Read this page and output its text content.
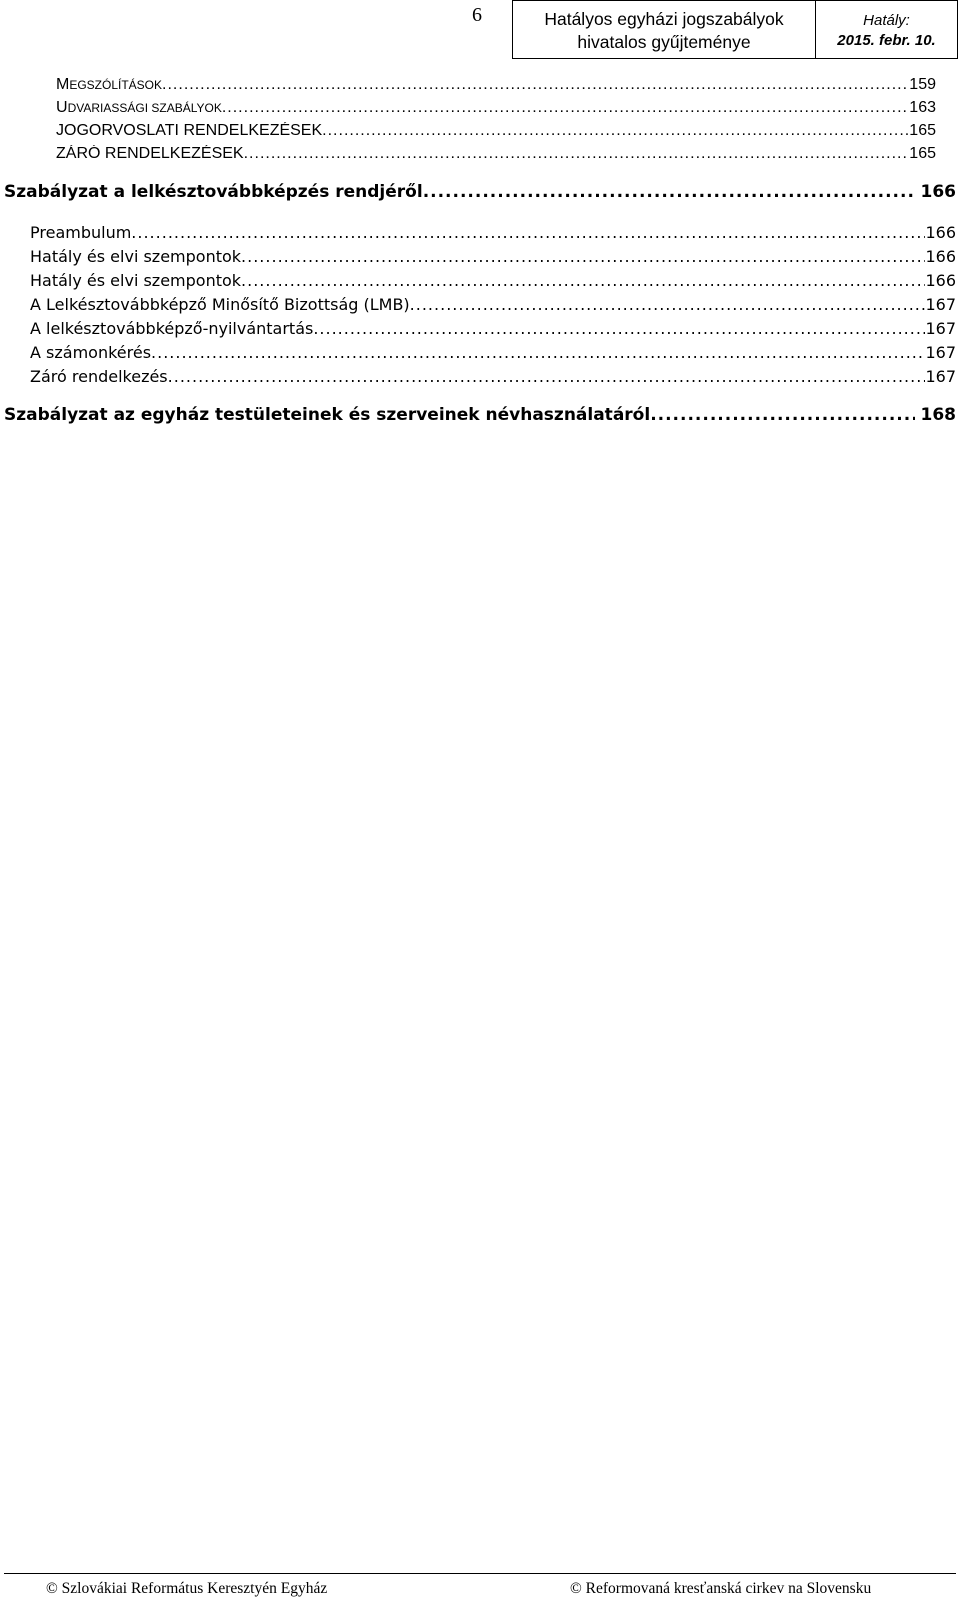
6	Hatályos egyházi jogszabályok
hivatalos gyűjteménye
Hatály:
2015. febr. 10.
MEGSZÓLÍTÁSOK .....	159
UDVARIASSÁGI SZABÁLYOK .....	163
JOGORVOSLATI RENDELKEZÉSEK .....	165
ZÁRÓ RENDELKEZÉSEK .....	165
Szabályzat a lelkésztovábbképzés rendjéről .....	166
Preambulum .....	166
Hatály és elvi szempontok .....	166
Hatály és elvi szempontok .....	166
A Lelkésztovábbképző Minősítő Bizottság (LMB) .....	167
A lelkésztovábbképző-nyilvántartás .....	167
A számonkérés .....	167
Záró rendelkezés .....	167
Szabályzat az egyház testületeinek és szerveinek névhasználatáról .....	168
© Szlovákiai Református Keresztyén Egyház	© Reformovaná kresťanská cirkev na Slovensku
